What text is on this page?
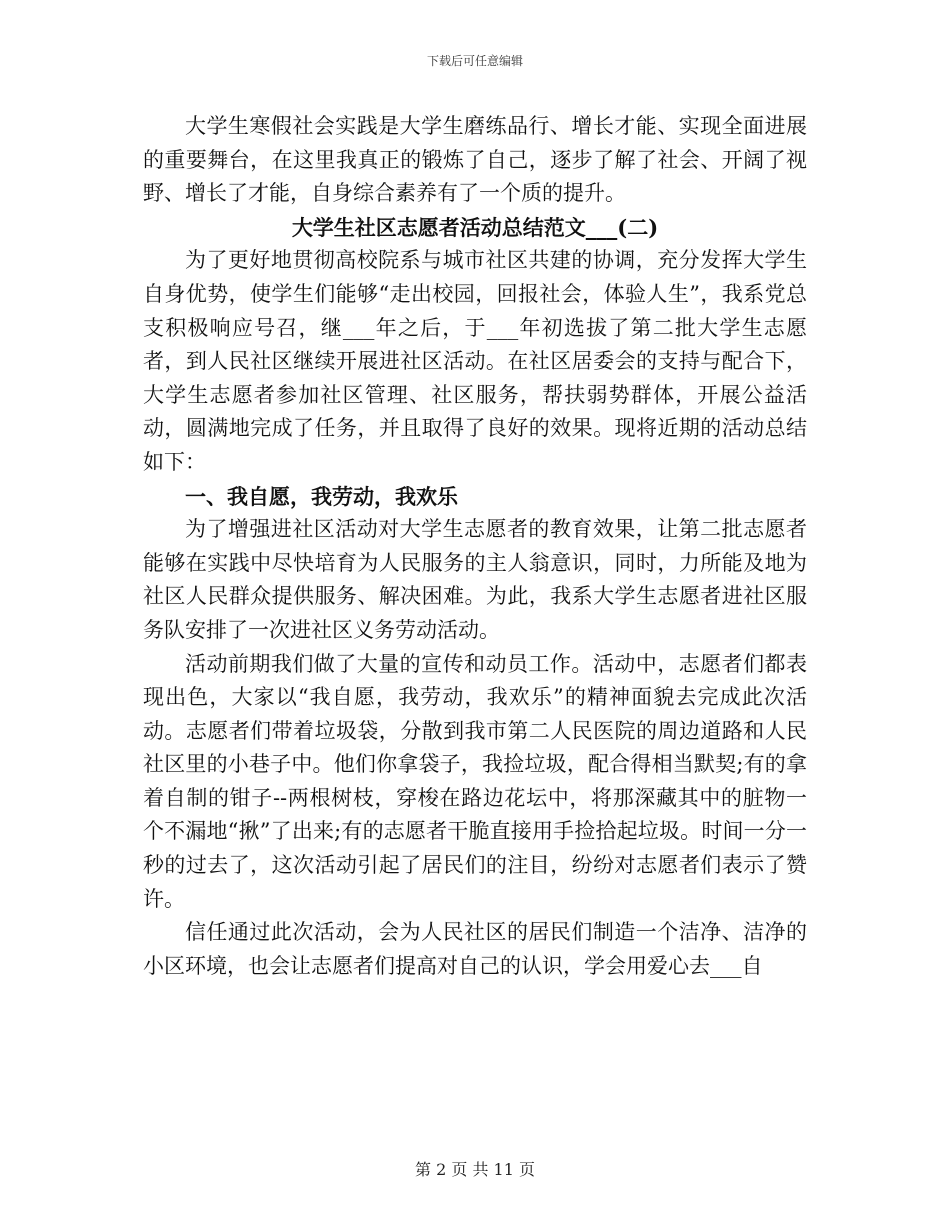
下载后可任意编辑

大学生寒假社会实践是大学生磨练品行、增长才能、实现全面进展的重要舞台，在这里我真正的锻炼了自己，逐步了解了社会、开阔了视野、增长了才能，自身综合素养有了一个质的提升。

大学生社区志愿者活动总结范文___(二)

为了更好地贯彻高校院系与城市社区共建的协调，充分发挥大学生自身优势，使学生们能够“走出校园，回报社会，体验人生”，我系党总支积极响应号召，继___年之后，于___年初选拔了第二批大学生志愿者，到人民社区继续开展进社区活动。在社区居委会的支持与配合下，大学生志愿者参加社区管理、社区服务，帮扶弱势群体，开展公益活动，圆满地完成了任务，并且取得了良好的效果。现将近期的活动总结如下：

一、我自愿，我劳动，我欢乐

为了增强进社区活动对大学生志愿者的教育效果，让第二批志愿者能够在实践中尽快培育为人民服务的主人翁意识，同时，力所能及地为社区人民群众提供服务、解决困难。为此，我系大学生志愿者进社区服务队安排了一次进社区义务劳动活动。

活动前期我们做了大量的宣传和动员工作。活动中，志愿者们都表现出色，大家以“我自愿，我劳动，我欢乐”的精神面貌去完成此次活动。志愿者们带着垃圾袋，分散到我市第二人民医院的周边道路和人民社区里的小巷子中。他们你拿袋子，我捡垃圾，配合得相当默契;有的拿着自制的钳子--两根树枝，穿梭在路边花坛中，将那深藏其中的脏物一个不漏地“揪”了出来;有的志愿者干脆直接用手捡拾起垃圾。时间一分一秒的过去了，这次活动引起了居民们的注目，纷纷对志愿者们表示了赞许。

信任通过此次活动，会为人民社区的居民们制造一个洁净、洁净的小区环境，也会让志愿者们提高对自己的认识，学会用爱心去___自

第 2 页 共 11 页
